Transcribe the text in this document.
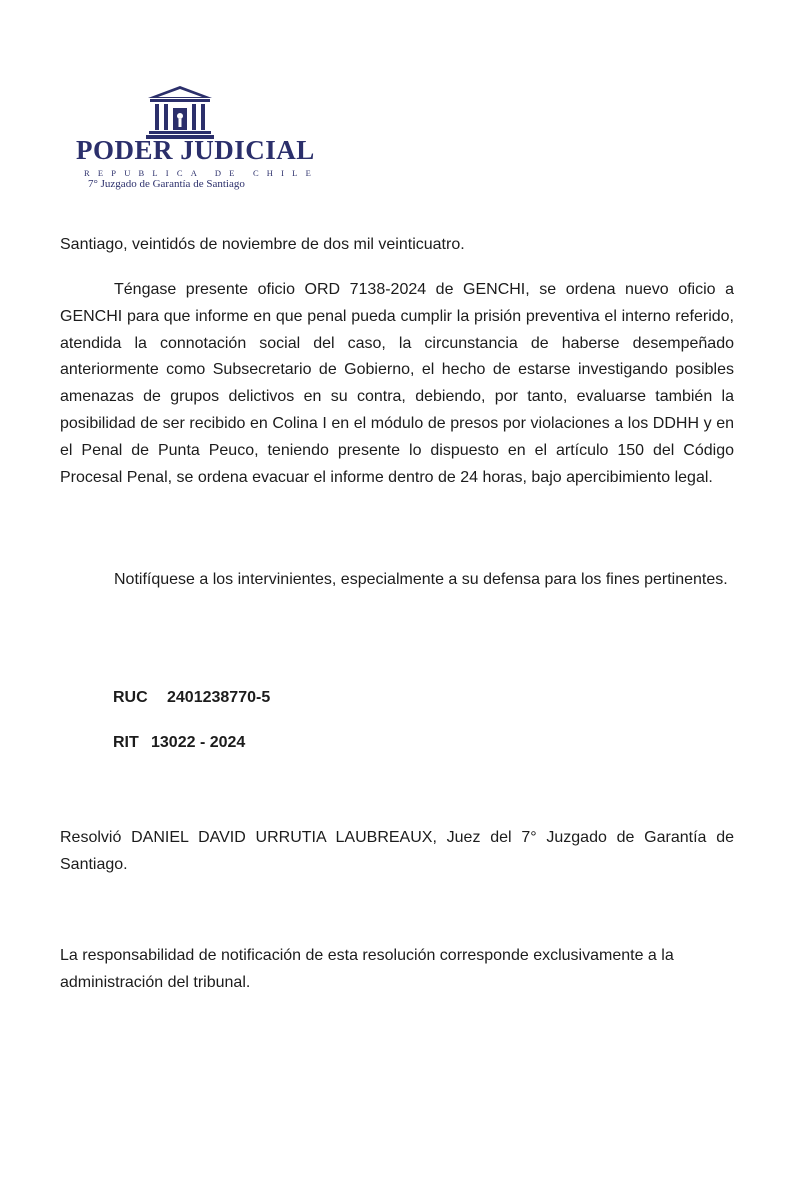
PODER JUDICIAL
REPUBLICA DE CHILE
7° Juzgado de Garantía de Santiago

Santiago, veintidós de noviembre de dos mil veinticuatro.

Téngase presente oficio ORD 7138-2024 de GENCHI, se ordena nuevo oficio a GENCHI para que informe en que penal pueda cumplir la prisión preventiva el interno referido, atendida la connotación social del caso, la circunstancia de haberse desempeñado anteriormente como Subsecretario de Gobierno, el hecho de estarse investigando posibles amenazas de grupos delictivos en su contra, debiendo, por tanto, evaluarse también la posibilidad de ser recibido en Colina I en el módulo de presos por violaciones a los DDHH y en el Penal de Punta Peuco, teniendo presente lo dispuesto en el artículo 150 del Código Procesal Penal, se ordena evacuar el informe dentro de 24 horas, bajo apercibimiento legal.

Notifíquese a los intervinientes, especialmente a su defensa para los fines pertinentes.

RUC 2401238770-5
RIT 13022 - 2024

Resolvió DANIEL DAVID URRUTIA LAUBREAUX, Juez del 7° Juzgado de Garantía de Santiago.

La responsabilidad de notificación de esta resolución corresponde exclusivamente a la administración del tribunal.
